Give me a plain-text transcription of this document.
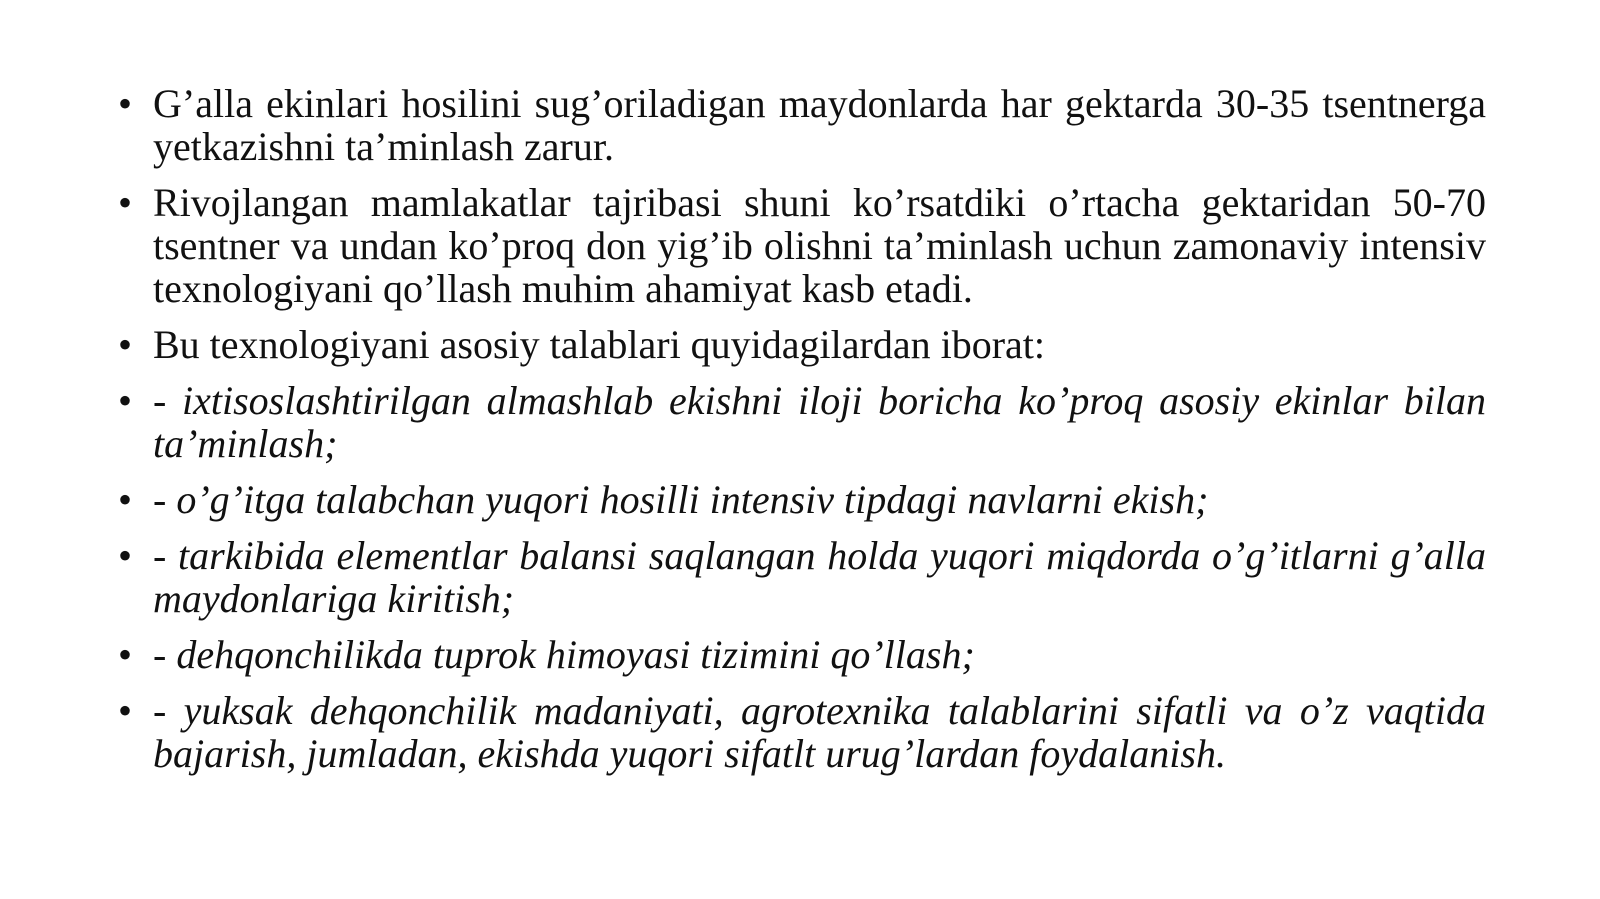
• G’alla ekinlari hosilini sug’oriladigan maydonlarda har gektarda 30-35 tsentnerga yetkazishni ta’minlash zarur.
• Rivojlangan mamlakatlar tajribasi shuni ko’rsatdiki o’rtacha gektaridan 50-70 tsentner va undan ko’proq don yig’ib olishni ta’minlash uchun zamonaviy intensiv texnologiyani qo’llash muhim ahamiyat kasb etadi.
• Bu texnologiyani asosiy talablari quyidagilardan iborat:
• - ixtisoslashtirilgan almashlab ekishni iloji boricha ko’proq asosiy ekinlar bilan ta’minlash;
• - o’g’itga talabchan yuqori hosilli intensiv tipdagi navlarni ekish;
• - tarkibida elementlar balansi saqlangan holda yuqori miqdorda o’g’itlarni g’alla maydonlariga kiritish;
• - dehqonchilikda tuprok himoyasi tizimini qo’llash;
• - yuksak dehqonchilik madaniyati, agrotexnika talablarini sifatli va o’z vaqtida bajarish, jumladan, ekishda yuqori sifatlt urug’lardan foydalanish.
